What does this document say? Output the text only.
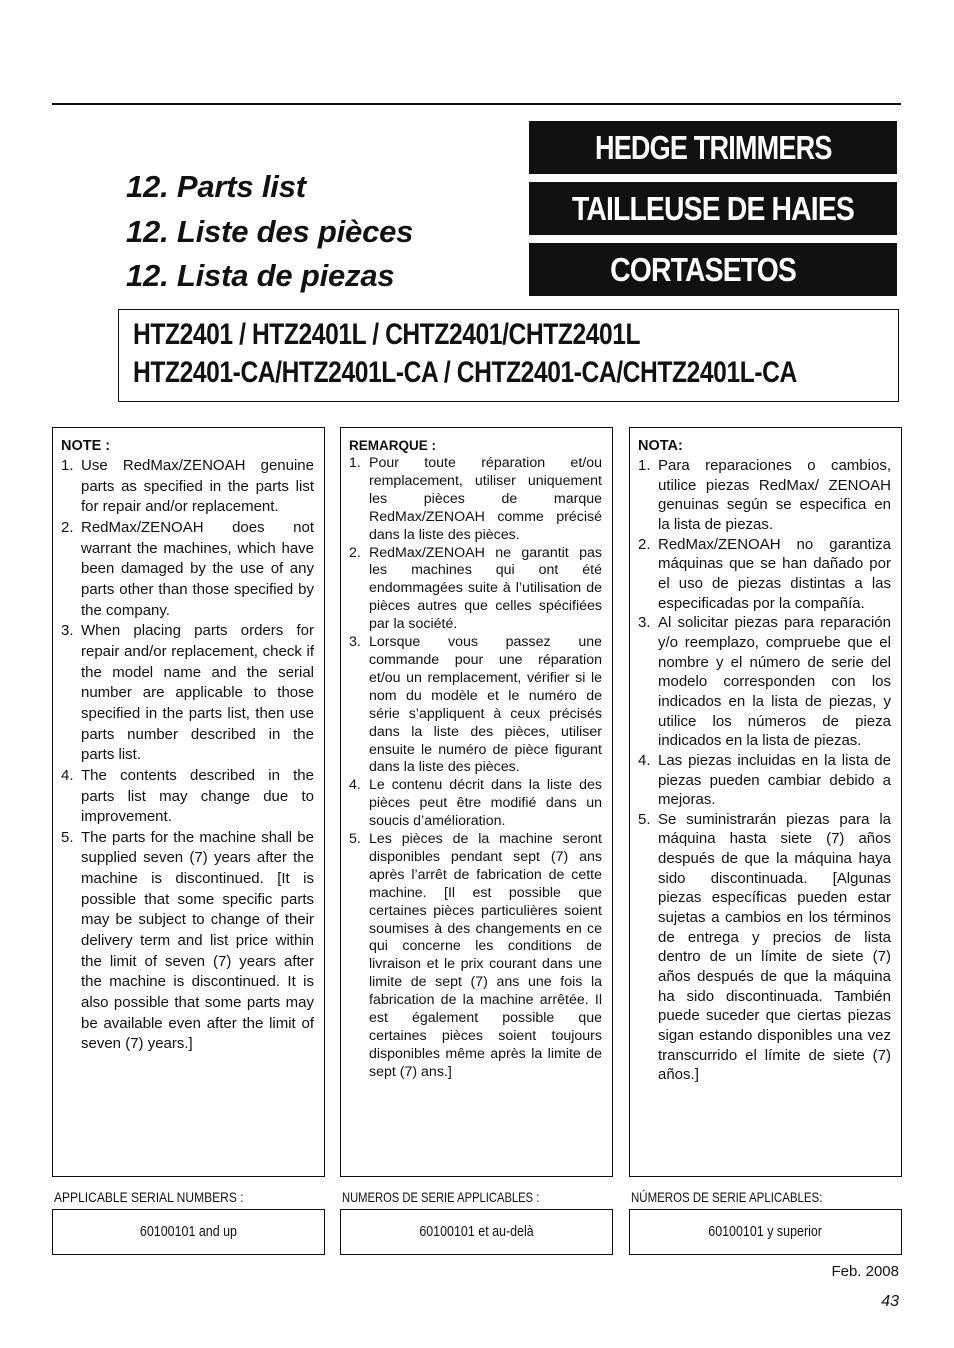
12. Parts list
12. Liste des pièces
12. Lista de piezas
HEDGE TRIMMERS
TAILLEUSE DE HAIES
CORTASETOS
HTZ2401 / HTZ2401L / CHTZ2401/CHTZ2401L
HTZ2401-CA/HTZ2401L-CA / CHTZ2401-CA/CHTZ2401L-CA
NOTE :
1. Use RedMax/ZENOAH genuine parts as specified in the parts list for repair and/or replacement.
2. RedMax/ZENOAH does not warrant the machines, which have been damaged by the use of any parts other than those specified by the company.
3. When placing parts orders for repair and/or replacement, check if the model name and the serial number are applicable to those specified in the parts list, then use parts number described in the parts list.
4. The contents described in the parts list may change due to improvement.
5. The parts for the machine shall be supplied seven (7) years after the machine is discontinued. [It is possible that some specific parts may be subject to change of their delivery term and list price within the limit of seven (7) years after the machine is discontinued. It is also possible that some parts may be available even after the limit of seven (7) years.]
REMARQUE :
1. Pour toute réparation et/ou remplacement, utiliser uniquement les pièces de marque RedMax/ZENOAH comme précisé dans la liste des pièces.
2. RedMax/ZENOAH ne garantit pas les machines qui ont été endommagées suite à l’utilisation de pièces autres que celles spécifiées par la société.
3. Lorsque vous passez une commande pour une réparation et/ou un remplacement, vérifier si le nom du modèle et le numéro de série s’appliquent à ceux précisés dans la liste des pièces, utiliser ensuite le numéro de pièce figurant dans la liste des pièces.
4. Le contenu décrit dans la liste des pièces peut être modifié dans un soucis d’amélioration.
5. Les pièces de la machine seront disponibles pendant sept (7) ans après l’arrêt de fabrication de cette machine. [Il est possible que certaines pièces particulières soient soumises à des changements en ce qui concerne les conditions de livraison et le prix courant dans une limite de sept (7) ans une fois la fabrication de la machine arrêtée. Il est également possible que certaines pièces soient toujours disponibles même après la limite de sept (7) ans.]
NOTA:
1. Para reparaciones o cambios, utilice piezas RedMax/ ZENOAH genuinas según se especifica en la lista de piezas.
2. RedMax/ZENOAH no garantiza máquinas que se han dañado por el uso de piezas distintas a las especificadas por la compañía.
3. Al solicitar piezas para reparación y/o reemplazo, compruebe que el nombre y el número de serie del modelo corresponden con los indicados en la lista de piezas, y utilice los números de pieza indicados en la lista de piezas.
4. Las piezas incluidas en la lista de piezas pueden cambiar debido a mejoras.
5. Se suministrarán piezas para la máquina hasta siete (7) años después de que la máquina haya sido discontinuada. [Algunas piezas específicas pueden estar sujetas a cambios en los términos de entrega y precios de lista dentro de un límite de siete (7) años después de que la máquina ha sido discontinuada. También puede suceder que ciertas piezas sigan estando disponibles una vez transcurrido el límite de siete (7) años.]
APPLICABLE SERIAL NUMBERS :	NUMEROS DE SERIE APPLICABLES :	NÚMEROS DE SERIE APLICABLES:
60100101 and up	60100101 et au-delà	60100101 y superior
Feb. 2008
43
